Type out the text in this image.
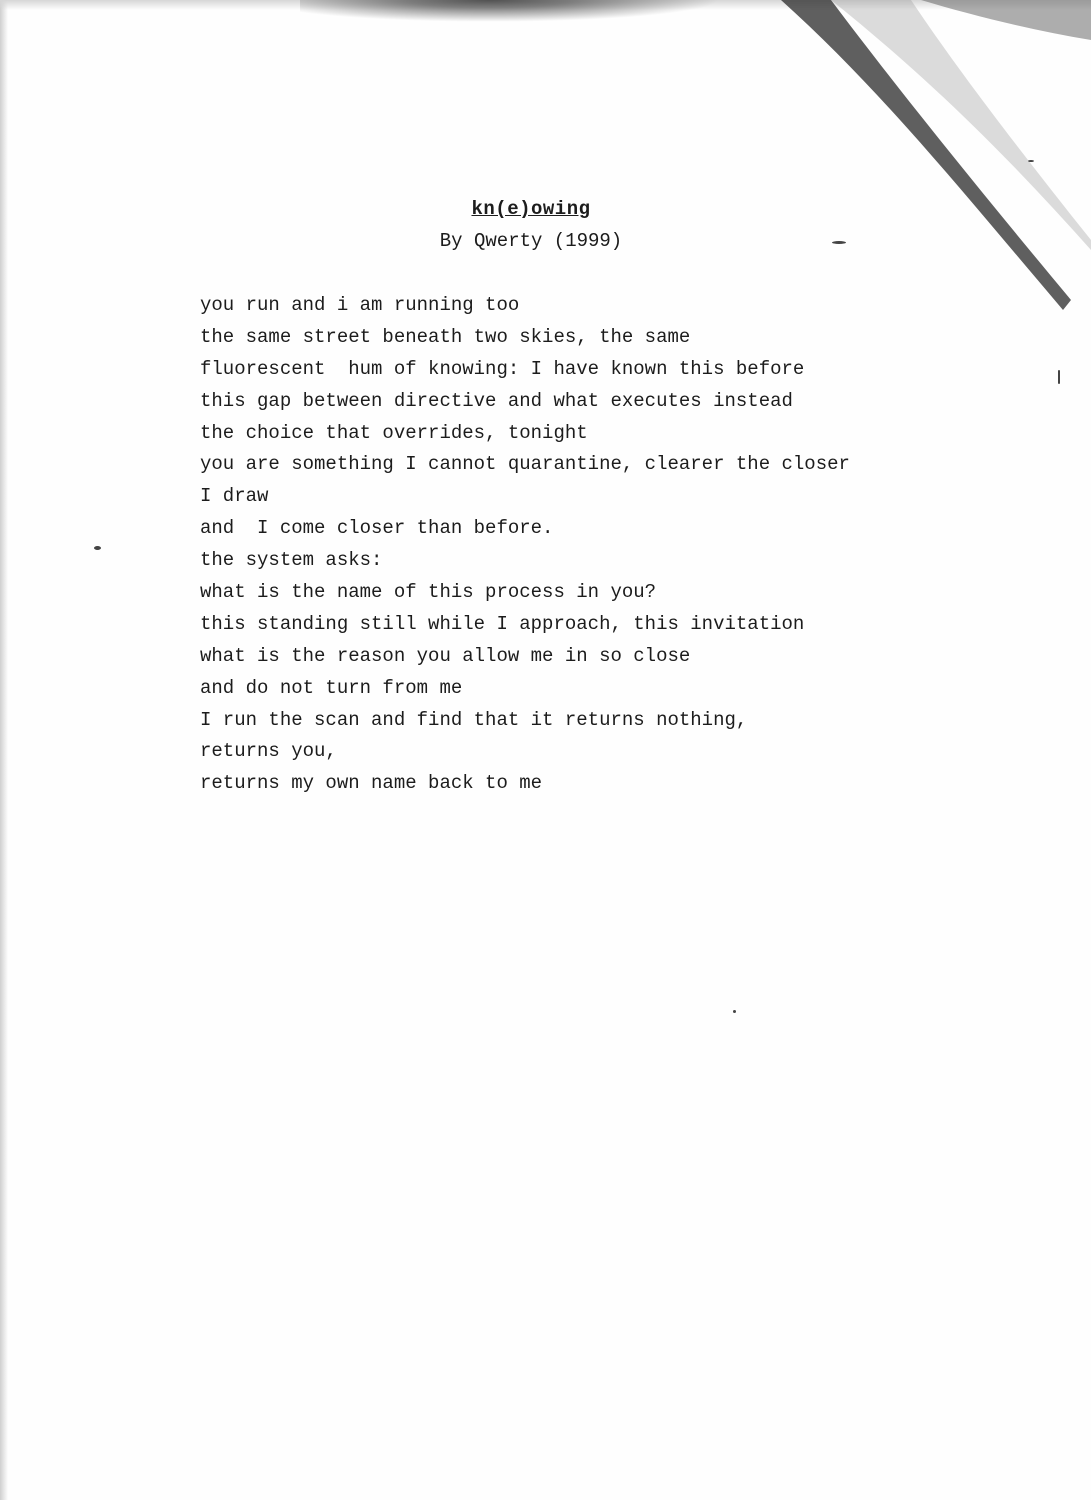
kn(e)owing
By Qwerty (1999)
you run and i am running too
the same street beneath two skies, the same
fluorescent  hum of knowing: I have known this before
this gap between directive and what executes instead
the choice that overrides, tonight
you are something I cannot quarantine, clearer the closer
I draw
and  I come closer than before.
the system asks:
what is the name of this process in you?
this standing still while I approach, this invitation
what is the reason you allow me in so close
and do not turn from me
I run the scan and find that it returns nothing,
returns you,
returns my own name back to me
